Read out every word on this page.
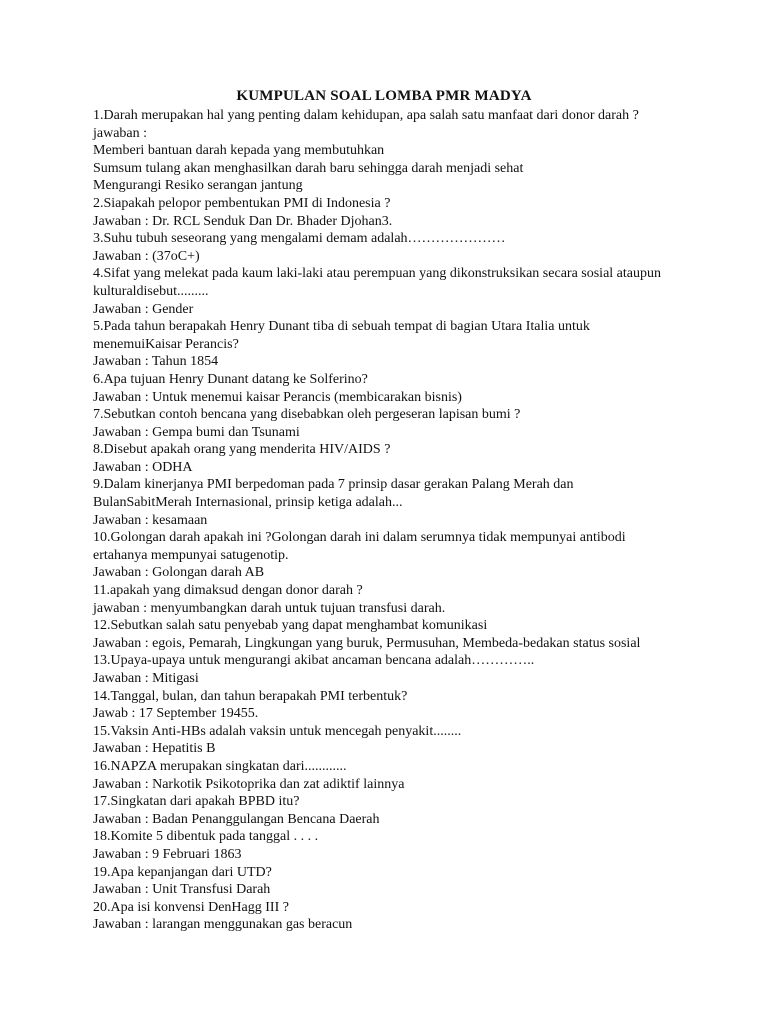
KUMPULAN SOAL LOMBA PMR MADYA
1.Darah merupakan hal yang penting dalam kehidupan, apa salah satu manfaat dari donor darah ?
jawaban :
Memberi bantuan darah kepada yang membutuhkan
Sumsum tulang akan menghasilkan darah baru sehingga darah menjadi sehat
Mengurangi Resiko serangan jantung
2.Siapakah pelopor pembentukan PMI di Indonesia ?
Jawaban : Dr. RCL Senduk Dan Dr. Bhader Djohan3.
3.Suhu tubuh seseorang yang mengalami demam adalah…………………
Jawaban : (37oC+)
4.Sifat yang melekat pada kaum laki-laki atau perempuan yang dikonstruksikan secara sosial ataupun
kulturaldisebut.........
Jawaban : Gender
5.Pada tahun berapakah Henry Dunant tiba di sebuah tempat di bagian Utara Italia untuk
menemuiKaisar Perancis?
Jawaban : Tahun 1854
6.Apa tujuan Henry Dunant datang ke Solferino?
Jawaban : Untuk menemui kaisar Perancis (membicarakan bisnis)
7.Sebutkan contoh bencana yang disebabkan oleh pergeseran lapisan bumi ?
Jawaban : Gempa bumi dan Tsunami
8.Disebut apakah orang yang menderita HIV/AIDS ?
Jawaban : ODHA
9.Dalam kinerjanya PMI berpedoman pada 7 prinsip dasar gerakan Palang Merah dan
BulanSabitMerah Internasional, prinsip ketiga adalah...
Jawaban : kesamaan
10.Golongan darah apakah ini ?Golongan darah ini dalam serumnya tidak mempunyai antibodi
ertahanya mempunyai satugenotip.
Jawaban : Golongan darah AB
11.apakah yang dimaksud dengan donor darah ?
jawaban : menyumbangkan darah untuk tujuan transfusi darah.
12.Sebutkan salah satu penyebab yang dapat menghambat komunikasi
Jawaban : egois, Pemarah, Lingkungan yang buruk, Permusuhan, Membeda-bedakan status sosial
13.Upaya-upaya untuk mengurangi akibat ancaman bencana adalah…………..
Jawaban : Mitigasi
14.Tanggal, bulan, dan tahun berapakah PMI terbentuk?
Jawab : 17 September 19455.
15.Vaksin Anti-HBs adalah vaksin untuk mencegah penyakit........
Jawaban : Hepatitis B
16.NAPZA merupakan singkatan dari............
Jawaban : Narkotik Psikotoprika dan zat adiktif lainnya
17.Singkatan dari apakah BPBD itu?
Jawaban : Badan Penanggulangan Bencana Daerah
18.Komite 5 dibentuk pada tanggal . . . .
Jawaban : 9 Februari 1863
19.Apa kepanjangan dari UTD?
Jawaban : Unit Transfusi Darah
20.Apa isi konvensi DenHagg III ?
Jawaban : larangan menggunakan gas beracun
